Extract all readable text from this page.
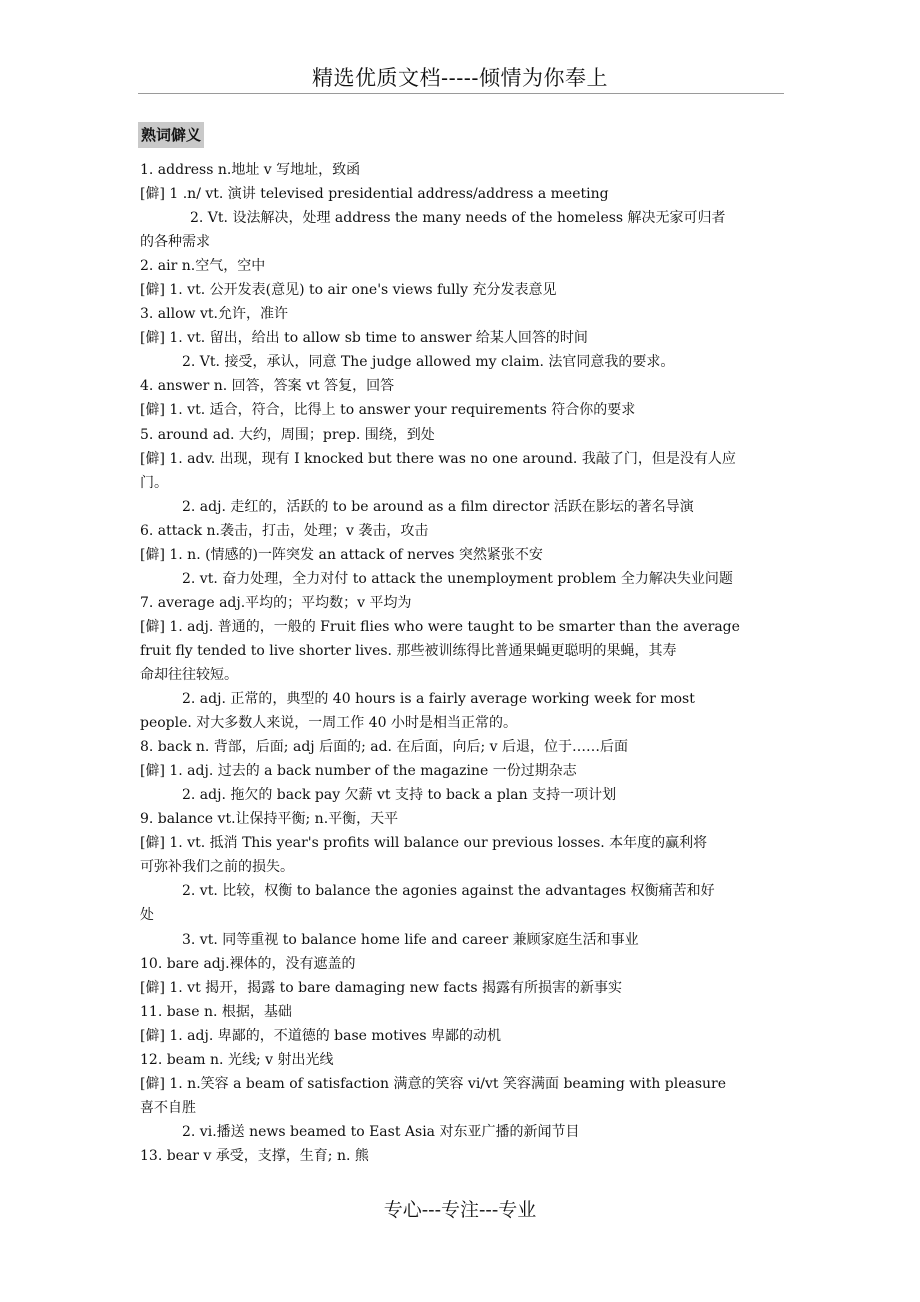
精选优质文档-----倾情为你奉上
熟词僻义
1. address n.地址 v 写地址，致函
[僻] 1 .n/ vt. 演讲 televised presidential address/address a meeting
2. Vt. 设法解决，处理 address the many needs of the homeless 解决无家可归者
的各种需求
2. air n.空气，空中
[僻] 1. vt. 公开发表(意见) to air one's views fully 充分发表意见
3. allow vt.允许，准许
[僻] 1. vt. 留出，给出 to allow sb time to answer 给某人回答的时间
2. Vt. 接受，承认，同意 The judge allowed my claim. 法官同意我的要求。
4. answer n. 回答，答案 vt 答复，回答
[僻] 1. vt. 适合，符合，比得上 to answer your requirements 符合你的要求
5. around ad. 大约，周围；prep. 围绕，到处
[僻] 1. adv. 出现，现有 I knocked but there was no one around. 我敲了门，但是没有人应
门。
2. adj. 走红的，活跃的 to be around as a film director 活跃在影坛的著名导演
6. attack n.袭击，打击，处理；v 袭击，攻击
[僻] 1. n. (情感的)一阵突发 an attack of nerves 突然紧张不安
2. vt. 奋力处理，全力对付 to attack the unemployment problem 全力解决失业问题
7. average adj.平均的；平均数；v 平均为
[僻] 1. adj. 普通的，一般的 Fruit flies who were taught to be smarter than the average
fruit fly tended to live shorter lives. 那些被训练得比普通果蝇更聪明的果蝇，其寿
命却往往较短。
2. adj. 正常的，典型的 40 hours is a fairly average working week for most
people. 对大多数人来说，一周工作 40 小时是相当正常的。
8. back n. 背部，后面; adj 后面的; ad. 在后面，向后; v 后退，位于……后面
[僻] 1. adj. 过去的 a back number of the magazine 一份过期杂志
2. adj. 拖欠的 back pay 欠薪 vt 支持 to back a plan 支持一项计划
9. balance vt.让保持平衡; n.平衡，天平
[僻] 1. vt. 抵消 This year's profits will balance our previous losses. 本年度的赢利将
可弥补我们之前的损失。
2. vt. 比较，权衡 to balance the agonies against the advantages 权衡痛苦和好
处
3. vt. 同等重视 to balance home life and career 兼顾家庭生活和事业
10. bare adj.裸体的，没有遮盖的
[僻] 1. vt 揭开，揭露 to bare damaging new facts 揭露有所损害的新事实
11. base n. 根据，基础
[僻] 1. adj. 卑鄙的，不道德的 base motives 卑鄙的动机
12. beam n. 光线; v 射出光线
[僻] 1. n.笑容 a beam of satisfaction 满意的笑容 vi/vt 笑容满面 beaming with pleasure
喜不自胜
2. vi.播送 news beamed to East Asia 对东亚广播的新闻节目
13. bear v 承受，支撑，生育; n. 熊
专心---专注---专业
